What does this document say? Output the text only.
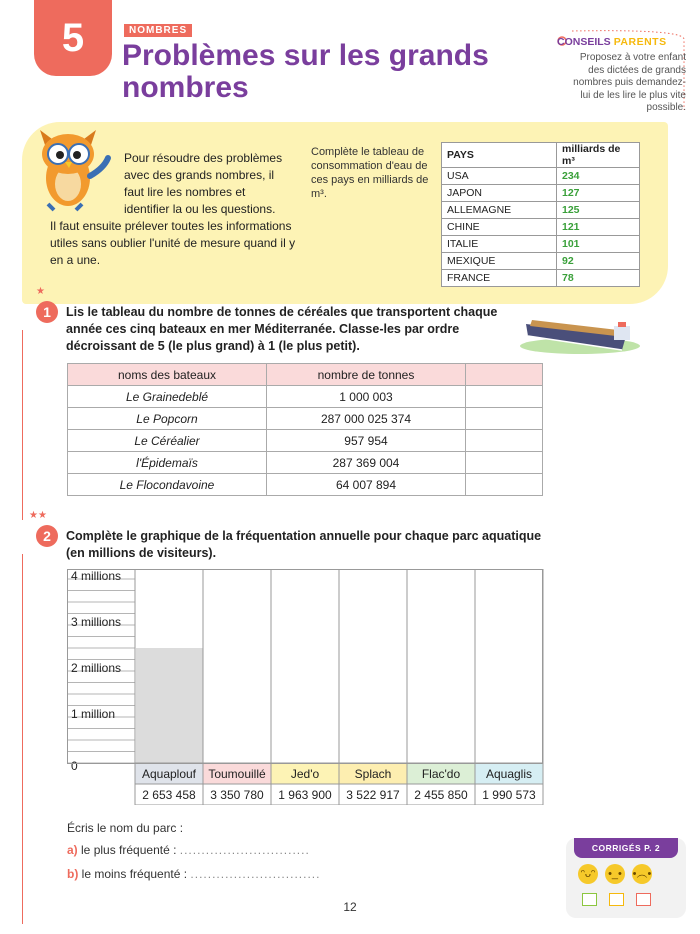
5	NOMBRES
Problèmes sur les grands nombres
CONSEILS PARENTS
Proposez à votre enfant des dictées de grands nombres puis demandez-lui de les lire le plus vite possible.
Pour résoudre des problèmes avec des grands nombres, il faut lire les nombres et identifier la ou les questions.
Il faut ensuite prélever toutes les informations utiles sans oublier l'unité de mesure quand il y en a une.
Complète le tableau de consommation d'eau de ces pays en milliards de m³.
PAYS	milliards de m³
USA	234
JAPON	127
ALLEMAGNE	125
CHINE	121
ITALIE	101
MEXIQUE	92
FRANCE	78
★
1	Lis le tableau du nombre de tonnes de céréales que transportent chaque année ces cinq bateaux en mer Méditerranée. Classe-les par ordre décroissant de 5 (le plus grand) à 1 (le plus petit).
noms des bateaux	nombre de tonnes	
Le Grainedeblé	1 000 003	
Le Popcorn	287 000 025 374	
Le Céréalier	957 954	
l'Épidemaïs	287 369 004	
Le Flocondavoine	64 007 894	
★★
2	Complète le graphique de la fréquentation annuelle pour chaque parc aquatique (en millions de visiteurs).
0
1 million
2 millions
3 millions
4 millions
Aquaplouf
2 653 458
Toumouillé
3 350 780
Jed'o
1 963 900
Splach
3 522 917
Flac'do
2 455 850
Aquaglis
1 990 573
Écris le nom du parc :
a) le plus fréquenté : ..............................
b) le moins fréquenté : ..............................
CORRIGÉS P. 2
ᵔᴗᵔ •_• •︵•
12
